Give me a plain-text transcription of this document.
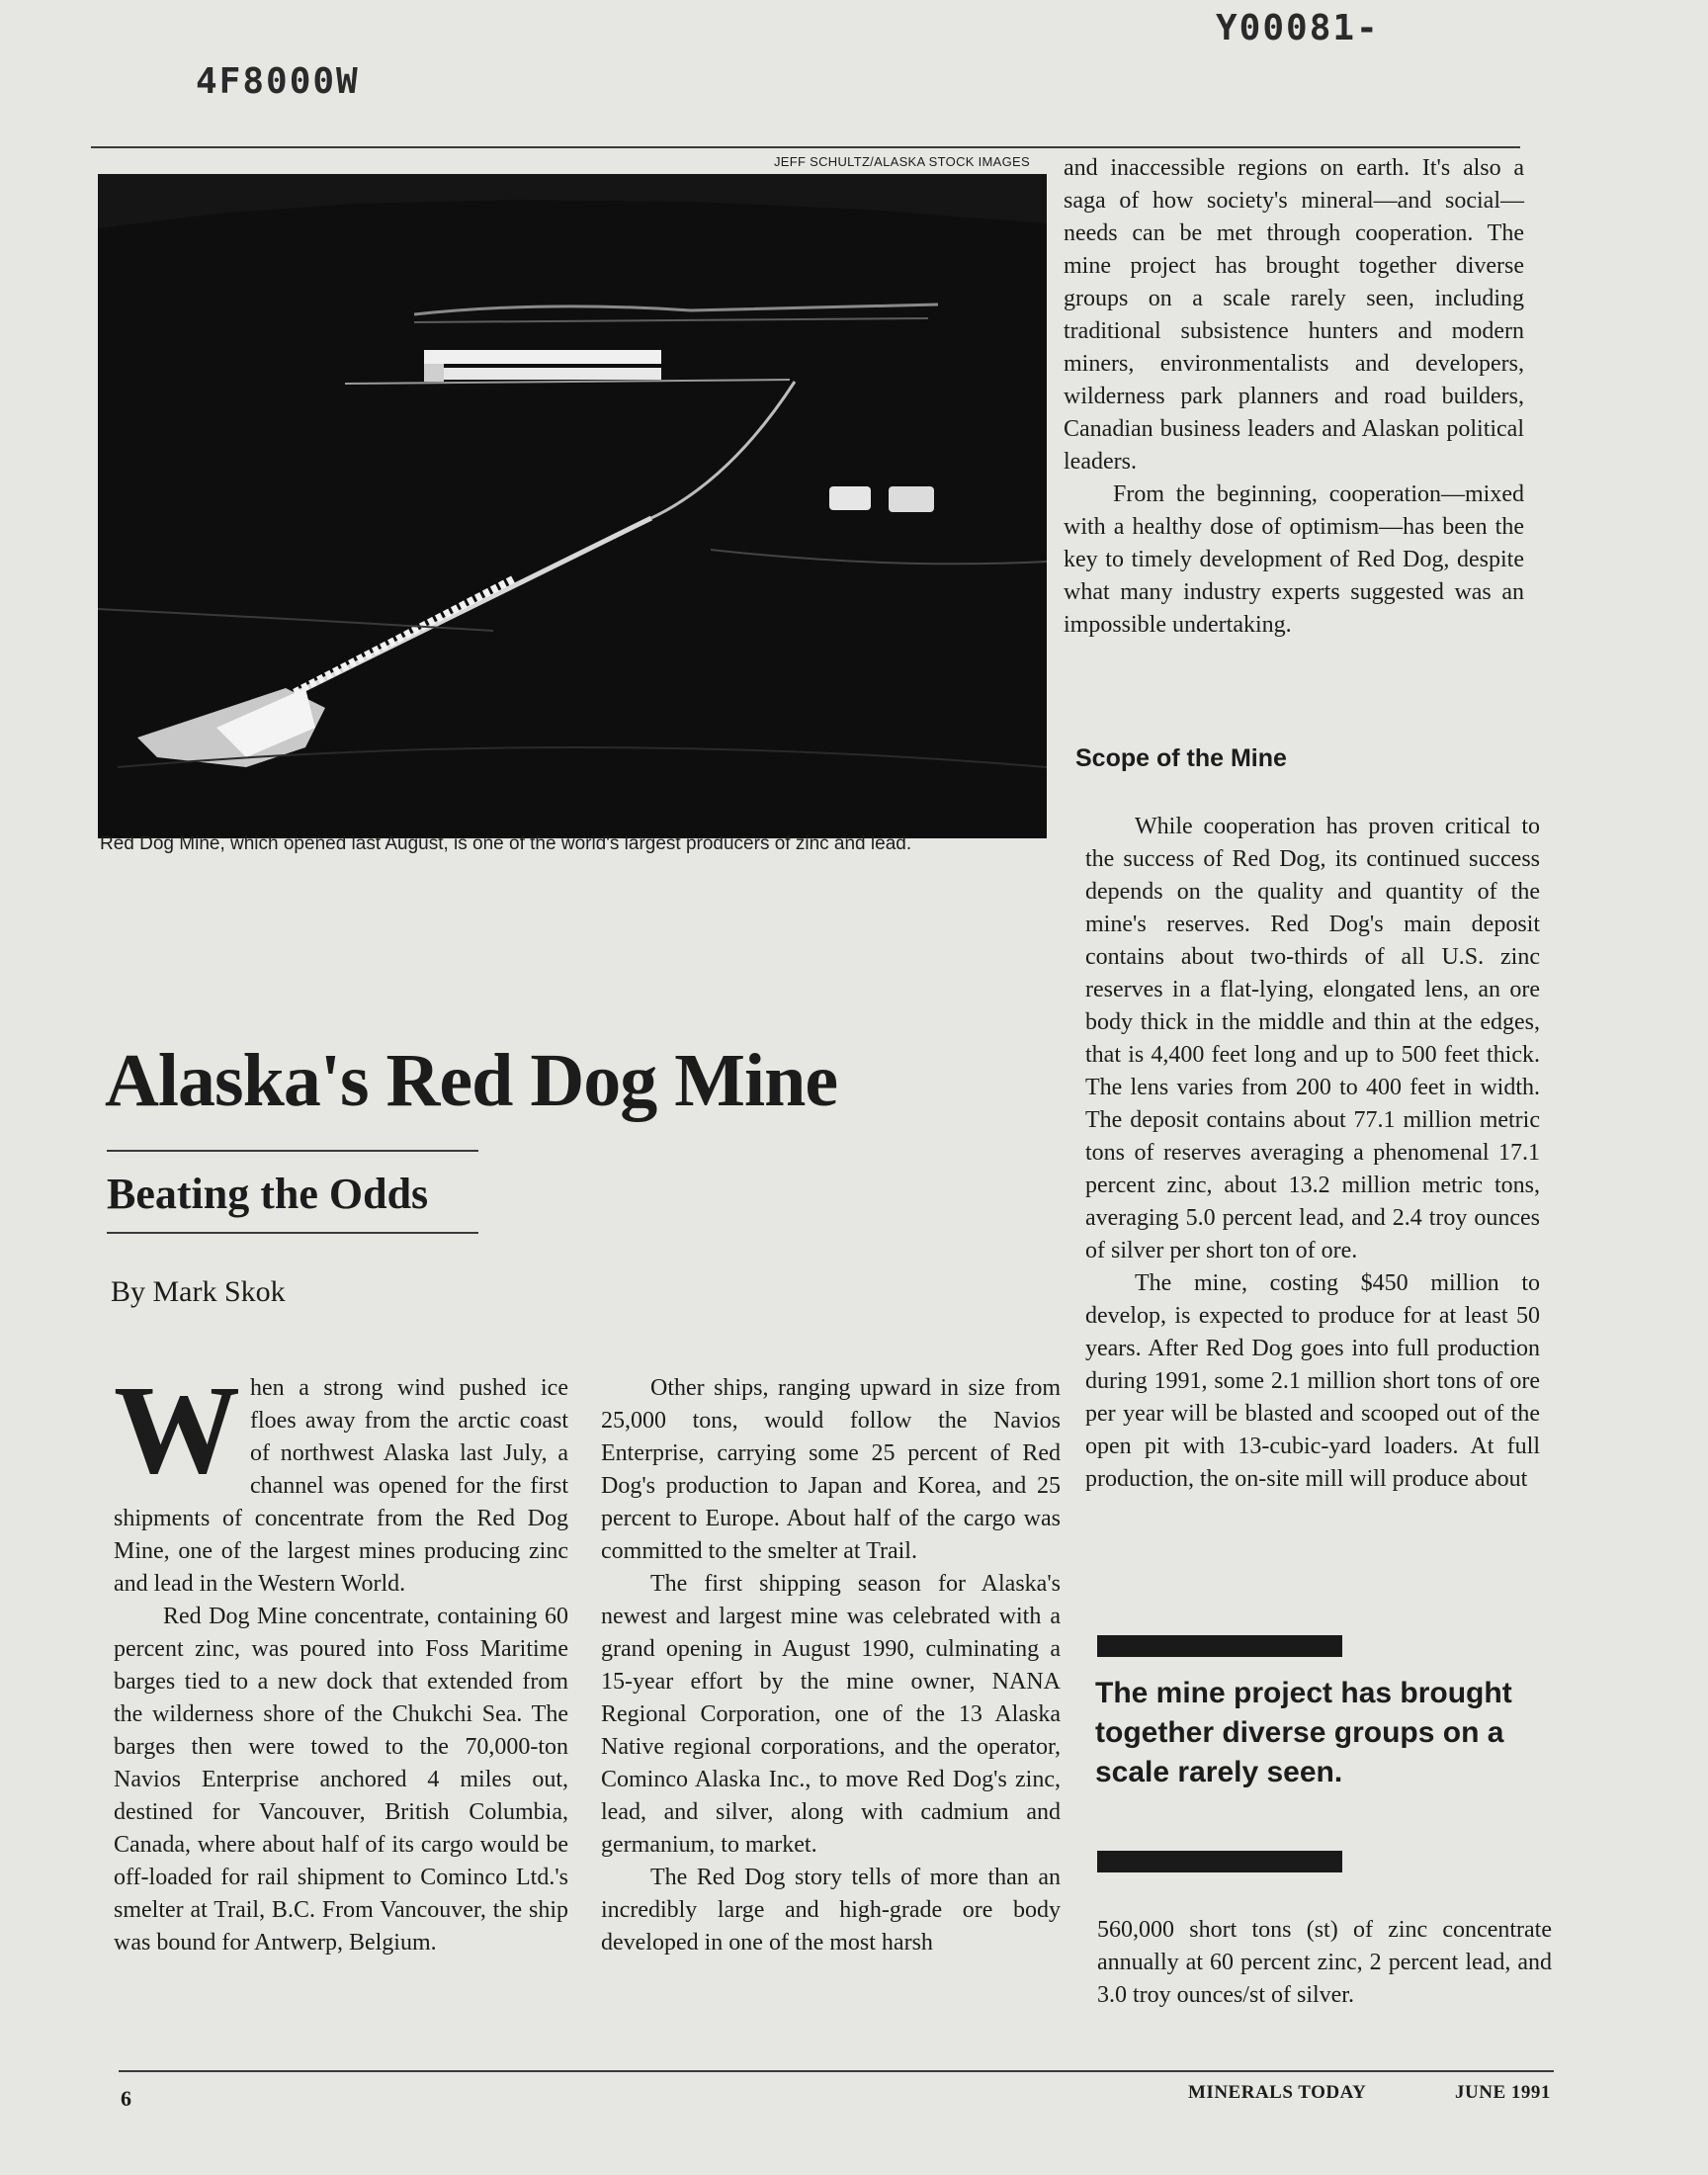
4F8000W
Y00081-
JEFF SCHULTZ/ALASKA STOCK IMAGES
Red Dog Mine, which opened last August, is one of the world's largest producers of zinc and lead.
Alaska's Red Dog Mine
Beating the Odds
By Mark Skok

When a strong wind pushed ice floes away from the arctic coast of northwest Alaska last July, a channel was opened for the first shipments of concentrate from the Red Dog Mine, one of the largest mines producing zinc and lead in the Western World.

Red Dog Mine concentrate, containing 60 percent zinc, was poured into Foss Maritime barges tied to a new dock that extended from the wilderness shore of the Chukchi Sea. The barges then were towed to the 70,000-ton Navios Enterprise anchored 4 miles out, destined for Vancouver, British Columbia, Canada, where about half of its cargo would be off-loaded for rail shipment to Cominco Ltd.'s smelter at Trail, B.C. From Vancouver, the ship was bound for Antwerp, Belgium.

Other ships, ranging upward in size from 25,000 tons, would follow the Navios Enterprise, carrying some 25 percent of Red Dog's production to Japan and Korea, and 25 percent to Europe. About half of the cargo was committed to the smelter at Trail.

The first shipping season for Alaska's newest and largest mine was celebrated with a grand opening in August 1990, culminating a 15-year effort by the mine owner, NANA Regional Corporation, one of the 13 Alaska Native regional corporations, and the operator, Cominco Alaska Inc., to move Red Dog's zinc, lead, and silver, along with cadmium and germanium, to market.

The Red Dog story tells of more than an incredibly large and high-grade ore body developed in one of the most harsh

and inaccessible regions on earth. It's also a saga of how society's mineral—and social—needs can be met through cooperation. The mine project has brought together diverse groups on a scale rarely seen, including traditional subsistence hunters and modern miners, environmentalists and developers, wilderness park planners and road builders, Canadian business leaders and Alaskan political leaders.

From the beginning, cooperation—mixed with a healthy dose of optimism—has been the key to timely development of Red Dog, despite what many industry experts suggested was an impossible undertaking.

Scope of the Mine

While cooperation has proven critical to the success of Red Dog, its continued success depends on the quality and quantity of the mine's reserves. Red Dog's main deposit contains about two-thirds of all U.S. zinc reserves in a flat-lying, elongated lens, an ore body thick in the middle and thin at the edges, that is 4,400 feet long and up to 500 feet thick. The lens varies from 200 to 400 feet in width. The deposit contains about 77.1 million metric tons of reserves averaging a phenomenal 17.1 percent zinc, about 13.2 million metric tons, averaging 5.0 percent lead, and 2.4 troy ounces of silver per short ton of ore.

The mine, costing $450 million to develop, is expected to produce for at least 50 years. After Red Dog goes into full production during 1991, some 2.1 million short tons of ore per year will be blasted and scooped out of the open pit with 13-cubic-yard loaders. At full production, the on-site mill will produce about

The mine project has brought together diverse groups on a scale rarely seen.

560,000 short tons (st) of zinc concentrate annually at 60 percent zinc, 2 percent lead, and 3.0 troy ounces/st of silver.

6	MINERALS TODAY	JUNE 1991
